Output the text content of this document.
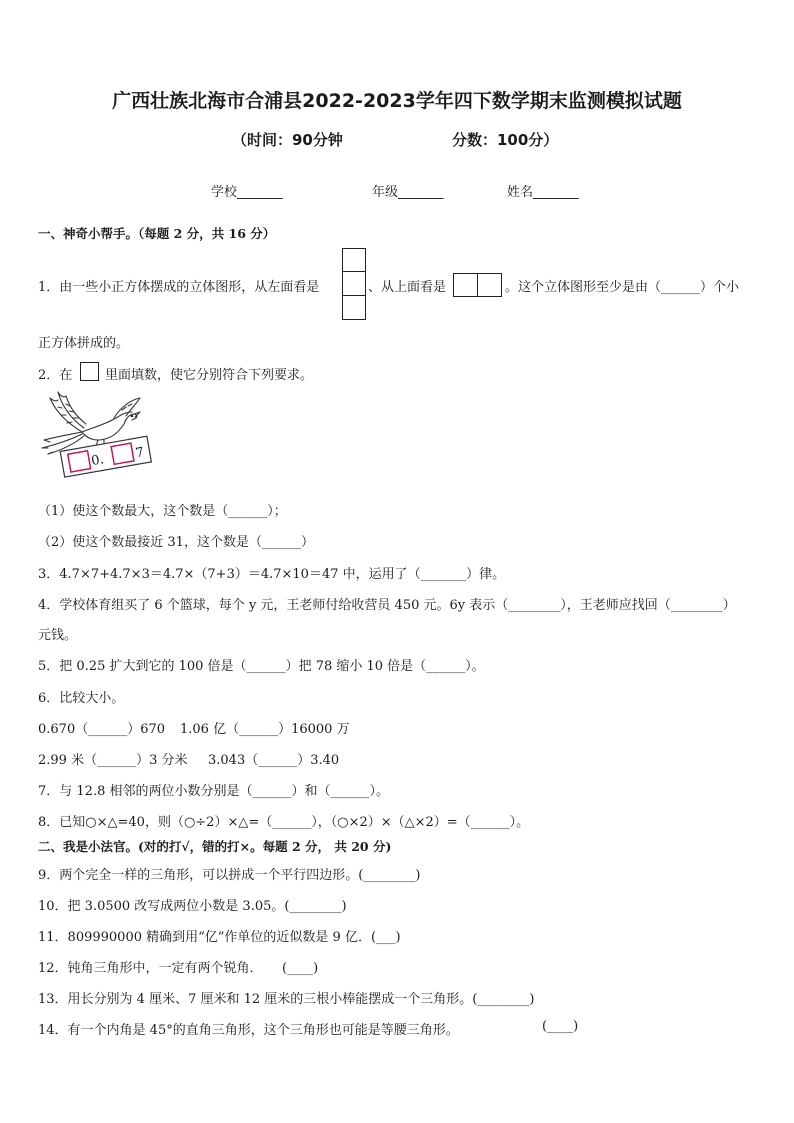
广西壮族北海市合浦县2022-2023学年四下数学期末监测模拟试题
（时间：90分钟	分数：100分）
学校_______	年级_______	姓名_______
一、神奇小帮手。（每题 2 分，共 16 分）
1．由一些小正方体摆成的立体图形，从左面看是	、从上面看是	。这个立体图形至少是由（______）个小
正方体拼成的。
2．在	里面填数，使它分别符合下列要求。
0. 7
（1）使这个数最大，这个数是（______）；
（2）使这个数最接近 31，这个数是（______）
3．4.7×7+4.7×3＝4.7×（7+3）＝4.7×10＝47 中，运用了（_______）律。
4．学校体育组买了 6 个篮球，每个 y 元，王老师付给收营员 450 元。6y 表示（________），王老师应找回（________）
元钱。
5．把 0.25 扩大到它的 100 倍是（______）把 78 缩小 10 倍是（______）。
6．比较大小。
0.670（______）670 1.06 亿（______）16000 万
2.99 米（______）3 分米 3.043（______）3.40
7．与 12.8 相邻的两位小数分别是（______）和（______）。
8．已知○×△=40，则（○÷2）×△=（______），（○×2）×（△×2）=（______）。
二、我是小法官。(对的打√，错的打×。每题 2 分， 共 20 分)
9．两个完全一样的三角形，可以拼成一个平行四边形。(________)
10．把 3.0500 改写成两位小数是 3.05。(________)
11．809990000 精确到用“亿”作单位的近似数是 9 亿．(___)
12．钝角三角形中，一定有两个锐角．　　(____)
13．用长分别为 4 厘米、7 厘米和 12 厘米的三根小棒能摆成一个三角形。(________)
14．有一个内角是 45°的直角三角形，这个三角形也可能是等腰三角形。	(____)
